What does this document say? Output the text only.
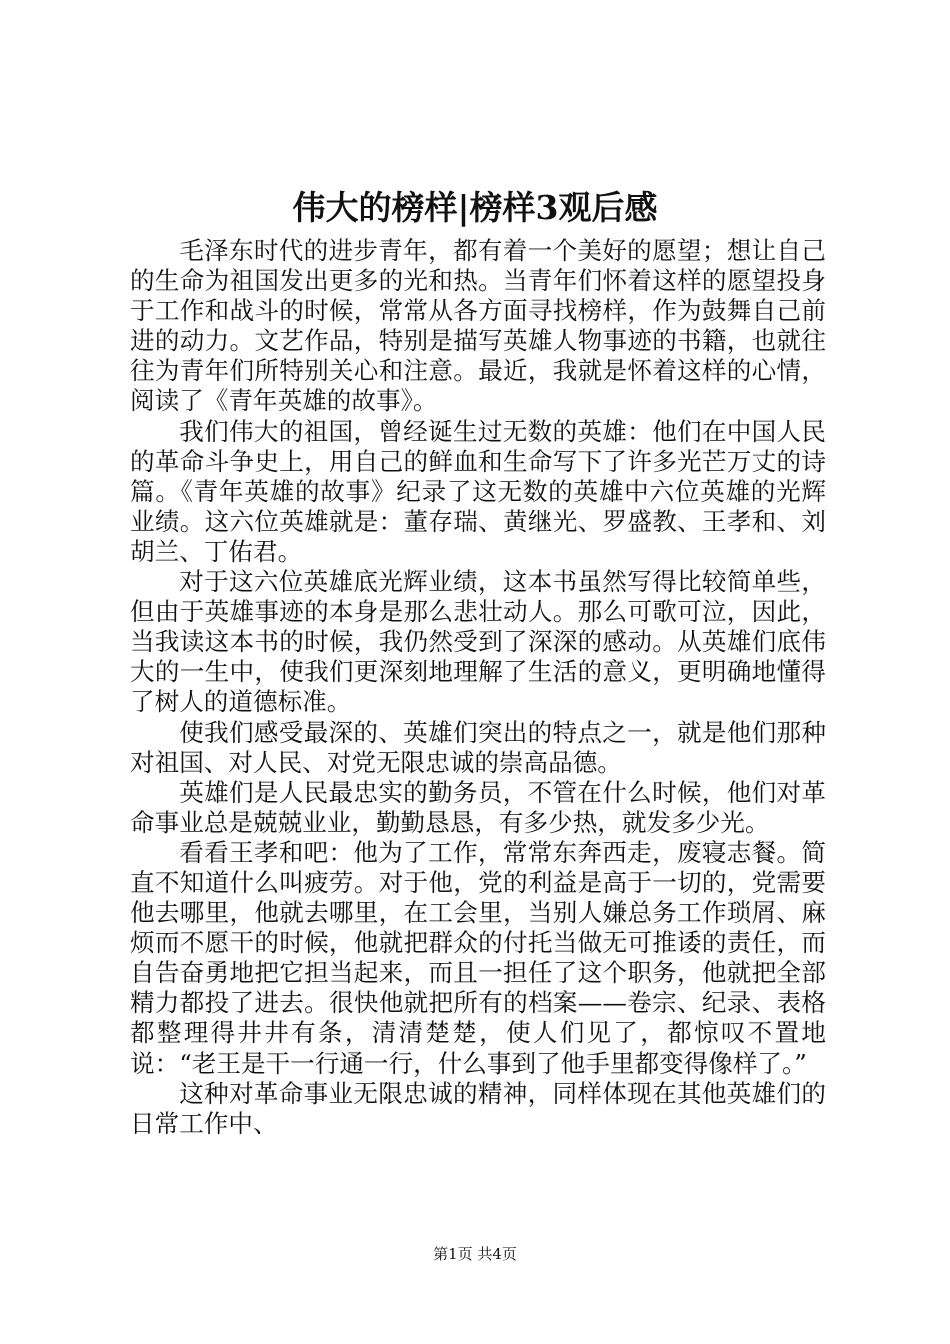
伟大的榜样|榜样3观后感

毛泽东时代的进步青年，都有着一个美好的愿望；想让自己的生命为祖国发出更多的光和热。当青年们怀着这样的愿望投身于工作和战斗的时候，常常从各方面寻找榜样，作为鼓舞自己前进的动力。文艺作品，特别是描写英雄人物事迹的书籍，也就往往为青年们所特别关心和注意。最近，我就是怀着这样的心情，阅读了《青年英雄的故事》。

我们伟大的祖国，曾经诞生过无数的英雄：他们在中国人民的革命斗争史上，用自己的鲜血和生命写下了许多光芒万丈的诗篇。《青年英雄的故事》纪录了这无数的英雄中六位英雄的光辉业绩。这六位英雄就是：董存瑞、黄继光、罗盛教、王孝和、刘胡兰、丁佑君。

对于这六位英雄底光辉业绩，这本书虽然写得比较简单些，但由于英雄事迹的本身是那么悲壮动人。那么可歌可泣，因此，当我读这本书的时候，我仍然受到了深深的感动。从英雄们底伟大的一生中，使我们更深刻地理解了生活的意义，更明确地懂得了树人的道德标准。

使我们感受最深的、英雄们突出的特点之一，就是他们那种对祖国、对人民、对党无限忠诚的崇高品德。

英雄们是人民最忠实的勤务员，不管在什么时候，他们对革命事业总是兢兢业业，勤勤恳恳，有多少热，就发多少光。

看看王孝和吧：他为了工作，常常东奔西走，废寝志餐。简直不知道什么叫疲劳。对于他，党的利益是高于一切的，党需要他去哪里，他就去哪里，在工会里，当别人嫌总务工作琐屑、麻烦而不愿干的时候，他就把群众的付托当做无可推诿的责任，而自告奋勇地把它担当起来，而且一担任了这个职务，他就把全部精力都投了进去。很快他就把所有的档案——卷宗、纪录、表格都整理得井井有条，清清楚楚，使人们见了，都惊叹不置地说：“老王是干一行通一行，什么事到了他手里都变得像样了。”

这种对革命事业无限忠诚的精神，同样体现在其他英雄们的日常工作中、

第1页 共4页
